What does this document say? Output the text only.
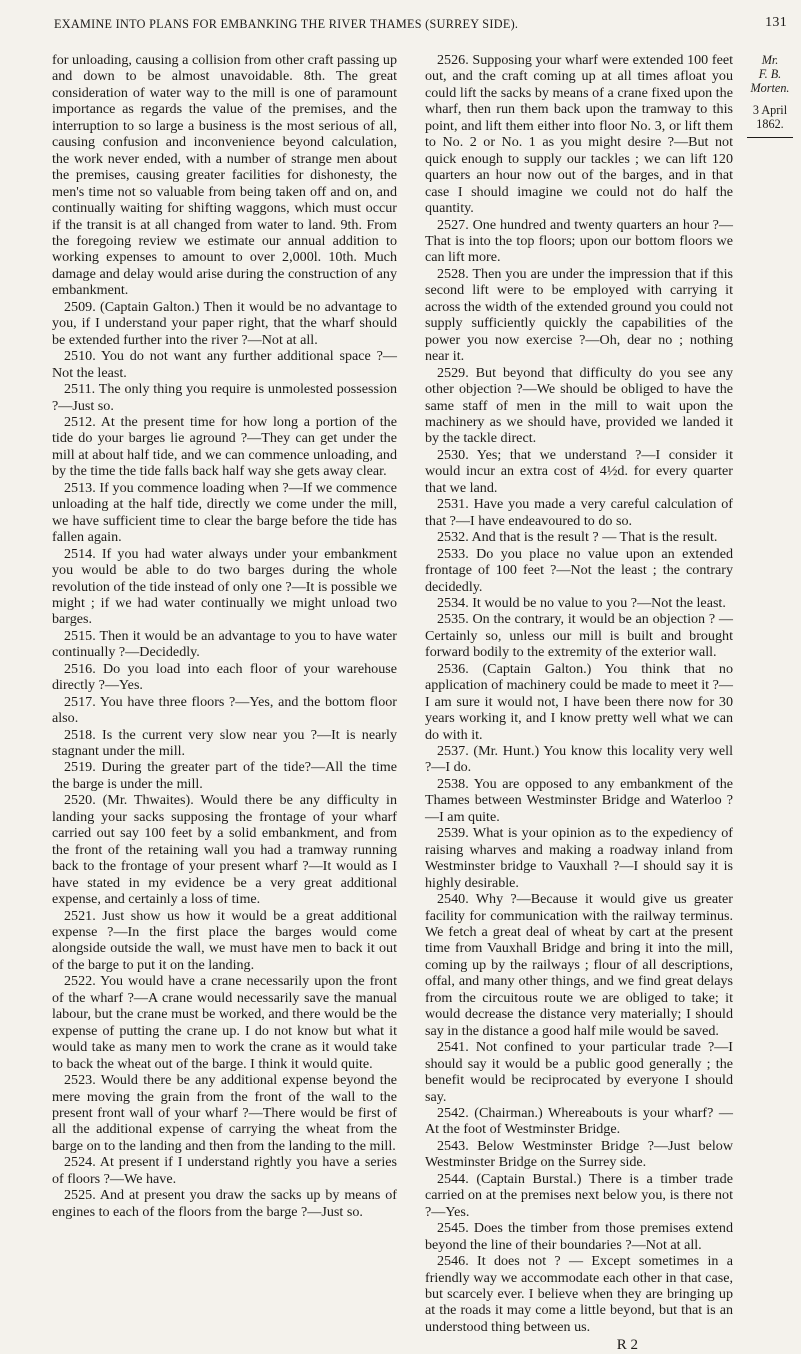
EXAMINE INTO PLANS FOR EMBANKING THE RIVER THAMES (SURREY SIDE).	131

for unloading, causing a collision from other craft passing up and down to be almost unavoidable. 8th. The great consideration of water way to the mill is one of paramount importance as regards the value of the premises, and the interruption to so large a business is the most serious of all, causing confusion and inconvenience beyond calculation, the work never ended, with a number of strange men about the premises, causing greater facilities for dishonesty, the men's time not so valuable from being taken off and on, and continually waiting for shifting waggons, which must occur if the transit is at all changed from water to land. 9th. From the foregoing review we estimate our annual addition to working expenses to amount to over 2,000l. 10th. Much damage and delay would arise during the construction of any embankment.

2509. (Captain Galton.) Then it would be no advantage to you, if I understand your paper right, that the wharf should be extended further into the river ?—Not at all.

2510. You do not want any further additional space ?—Not the least.

2511. The only thing you require is unmolested possession ?—Just so.

2512. At the present time for how long a portion of the tide do your barges lie aground ?—They can get under the mill at about half tide, and we can commence unloading, and by the time the tide falls back half way she gets away clear.

2513. If you commence loading when ?—If we commence unloading at the half tide, directly we come under the mill, we have sufficient time to clear the barge before the tide has fallen again.

2514. If you had water always under your embankment you would be able to do two barges during the whole revolution of the tide instead of only one ?—It is possible we might ; if we had water continually we might unload two barges.

2515. Then it would be an advantage to you to have water continually ?—Decidedly.

2516. Do you load into each floor of your warehouse directly ?—Yes.

2517. You have three floors ?—Yes, and the bottom floor also.

2518. Is the current very slow near you ?—It is nearly stagnant under the mill.

2519. During the greater part of the tide?—All the time the barge is under the mill.

2520. (Mr. Thwaites). Would there be any difficulty in landing your sacks supposing the frontage of your wharf carried out say 100 feet by a solid embankment, and from the front of the retaining wall you had a tramway running back to the frontage of your present wharf ?—It would as I have stated in my evidence be a very great additional expense, and certainly a loss of time.

2521. Just show us how it would be a great additional expense ?—In the first place the barges would come alongside outside the wall, we must have men to back it out of the barge to put it on the landing.

2522. You would have a crane necessarily upon the front of the wharf ?—A crane would necessarily save the manual labour, but the crane must be worked, and there would be the expense of putting the crane up. I do not know but what it would take as many men to work the crane as it would take to back the wheat out of the barge. I think it would quite.

2523. Would there be any additional expense beyond the mere moving the grain from the front of the wall to the present front wall of your wharf ?—There would be first of all the additional expense of carrying the wheat from the barge on to the landing and then from the landing to the mill.

2524. At present if I understand rightly you have a series of floors ?—We have.

2525. And at present you draw the sacks up by means of engines to each of the floors from the barge ?—Just so.

2526. Supposing your wharf were extended 100 feet out, and the craft coming up at all times afloat you could lift the sacks by means of a crane fixed upon the wharf, then run them back upon the tramway to this point, and lift them either into floor No. 3, or lift them to No. 2 or No. 1 as you might desire ?—But not quick enough to supply our tackles ; we can lift 120 quarters an hour now out of the barges, and in that case I should imagine we could not do half the quantity.

2527. One hundred and twenty quarters an hour ?—That is into the top floors; upon our bottom floors we can lift more.

2528. Then you are under the impression that if this second lift were to be employed with carrying it across the width of the extended ground you could not supply sufficiently quickly the capabilities of the power you now exercise ?—Oh, dear no ; nothing near it.

2529. But beyond that difficulty do you see any other objection ?—We should be obliged to have the same staff of men in the mill to wait upon the machinery as we should have, provided we landed it by the tackle direct.

2530. Yes; that we understand ?—I consider it would incur an extra cost of 4½d. for every quarter that we land.

2531. Have you made a very careful calculation of that ?—I have endeavoured to do so.

2532. And that is the result ? — That is the result.

2533. Do you place no value upon an extended frontage of 100 feet ?—Not the least ; the contrary decidedly.

2534. It would be no value to you ?—Not the least.

2535. On the contrary, it would be an objection ? —Certainly so, unless our mill is built and brought forward bodily to the extremity of the exterior wall.

2536. (Captain Galton.) You think that no application of machinery could be made to meet it ?—I am sure it would not, I have been there now for 30 years working it, and I know pretty well what we can do with it.

2537. (Mr. Hunt.) You know this locality very well ?—I do.

2538. You are opposed to any embankment of the Thames between Westminster Bridge and Waterloo ? —I am quite.

2539. What is your opinion as to the expediency of raising wharves and making a roadway inland from Westminster bridge to Vauxhall ?—I should say it is highly desirable.

2540. Why ?—Because it would give us greater facility for communication with the railway terminus. We fetch a great deal of wheat by cart at the present time from Vauxhall Bridge and bring it into the mill, coming up by the railways ; flour of all descriptions, offal, and many other things, and we find great delays from the circuitous route we are obliged to take; it would decrease the distance very materially; I should say in the distance a good half mile would be saved.

2541. Not confined to your particular trade ?—I should say it would be a public good generally ; the benefit would be reciprocated by everyone I should say.

2542. (Chairman.) Whereabouts is your wharf? —At the foot of Westminster Bridge.

2543. Below Westminster Bridge ?—Just below Westminster Bridge on the Surrey side.

2544. (Captain Burstal.) There is a timber trade carried on at the premises next below you, is there not ?—Yes.

2545. Does the timber from those premises extend beyond the line of their boundaries ?—Not at all.

2546. It does not ? — Except sometimes in a friendly way we accommodate each other in that case, but scarcely ever. I believe when they are bringing up at the roads it may come a little beyond, but that is an understood thing between us.

R 2
Mr.
F. B. Morten.
3 April 1862.
